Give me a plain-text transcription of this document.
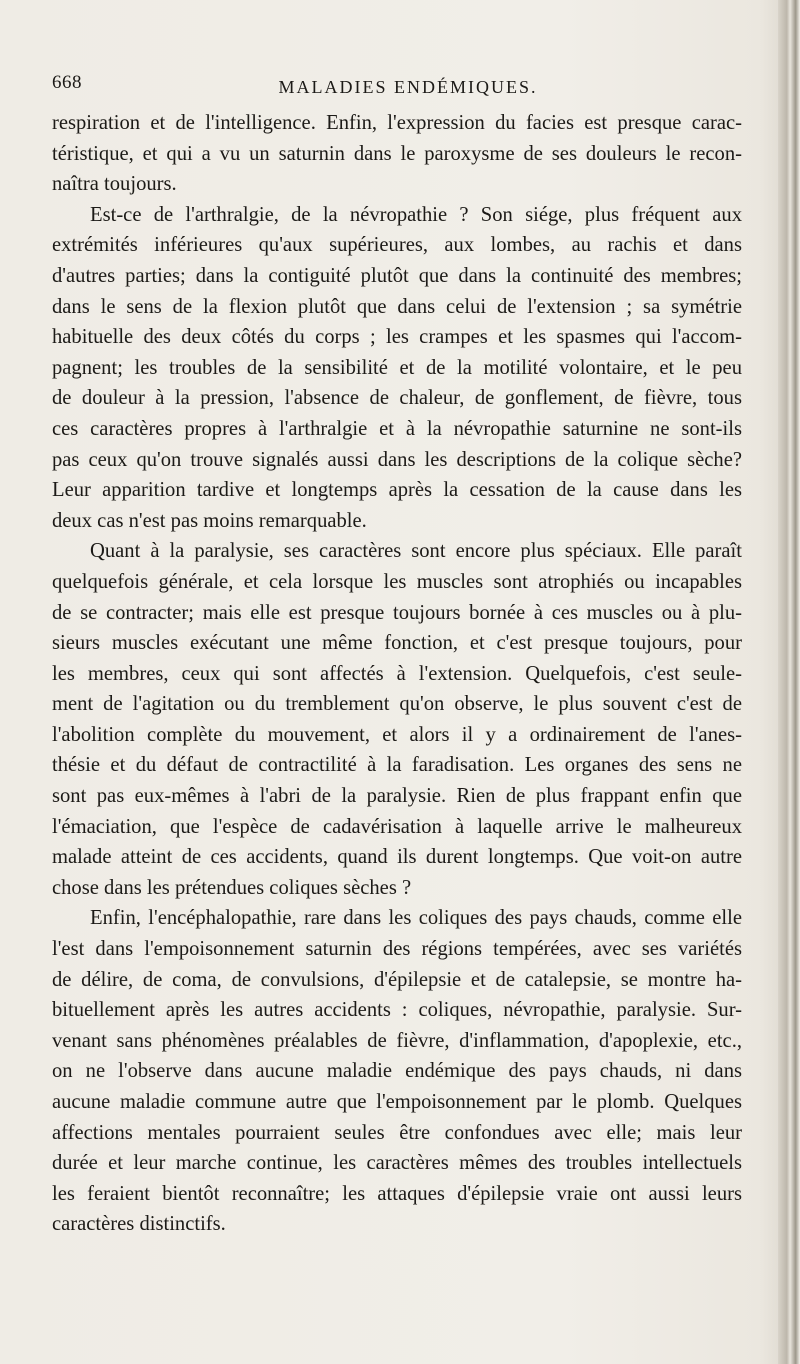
668	MALADIES ENDÉMIQUES.
respiration et de l'intelligence. Enfin, l'expression du facies est presque carac-
téristique, et qui a vu un saturnin dans le paroxysme de ses douleurs le recon-
naîtra toujours.
Est-ce de l'arthralgie, de la névropathie ? Son siége, plus fréquent aux
extrémités inférieures qu'aux supérieures, aux lombes, au rachis et dans
d'autres parties; dans la contiguité plutôt que dans la continuité des membres;
dans le sens de la flexion plutôt que dans celui de l'extension ; sa symétrie
habituelle des deux côtés du corps ; les crampes et les spasmes qui l'accom-
pagnent; les troubles de la sensibilité et de la motilité volontaire, et le peu
de douleur à la pression, l'absence de chaleur, de gonflement, de fièvre, tous
ces caractères propres à l'arthralgie et à la névropathie saturnine ne sont-ils
pas ceux qu'on trouve signalés aussi dans les descriptions de la colique sèche?
Leur apparition tardive et longtemps après la cessation de la cause dans les
deux cas n'est pas moins remarquable.
Quant à la paralysie, ses caractères sont encore plus spéciaux. Elle paraît
quelquefois générale, et cela lorsque les muscles sont atrophiés ou incapables
de se contracter; mais elle est presque toujours bornée à ces muscles ou à plu-
sieurs muscles exécutant une même fonction, et c'est presque toujours, pour
les membres, ceux qui sont affectés à l'extension. Quelquefois, c'est seule-
ment de l'agitation ou du tremblement qu'on observe, le plus souvent c'est de
l'abolition complète du mouvement, et alors il y a ordinairement de l'anes-
thésie et du défaut de contractilité à la faradisation. Les organes des sens ne
sont pas eux-mêmes à l'abri de la paralysie. Rien de plus frappant enfin que
l'émaciation, que l'espèce de cadavérisation à laquelle arrive le malheureux
malade atteint de ces accidents, quand ils durent longtemps. Que voit-on autre
chose dans les prétendues coliques sèches ?
Enfin, l'encéphalopathie, rare dans les coliques des pays chauds, comme elle
l'est dans l'empoisonnement saturnin des régions tempérées, avec ses variétés
de délire, de coma, de convulsions, d'épilepsie et de catalepsie, se montre ha-
bituellement après les autres accidents : coliques, névropathie, paralysie. Sur-
venant sans phénomènes préalables de fièvre, d'inflammation, d'apoplexie, etc.,
on ne l'observe dans aucune maladie endémique des pays chauds, ni dans
aucune maladie commune autre que l'empoisonnement par le plomb. Quelques
affections mentales pourraient seules être confondues avec elle; mais leur
durée et leur marche continue, les caractères mêmes des troubles intellectuels
les feraient bientôt reconnaître; les attaques d'épilepsie vraie ont aussi leurs
caractères distinctifs.
